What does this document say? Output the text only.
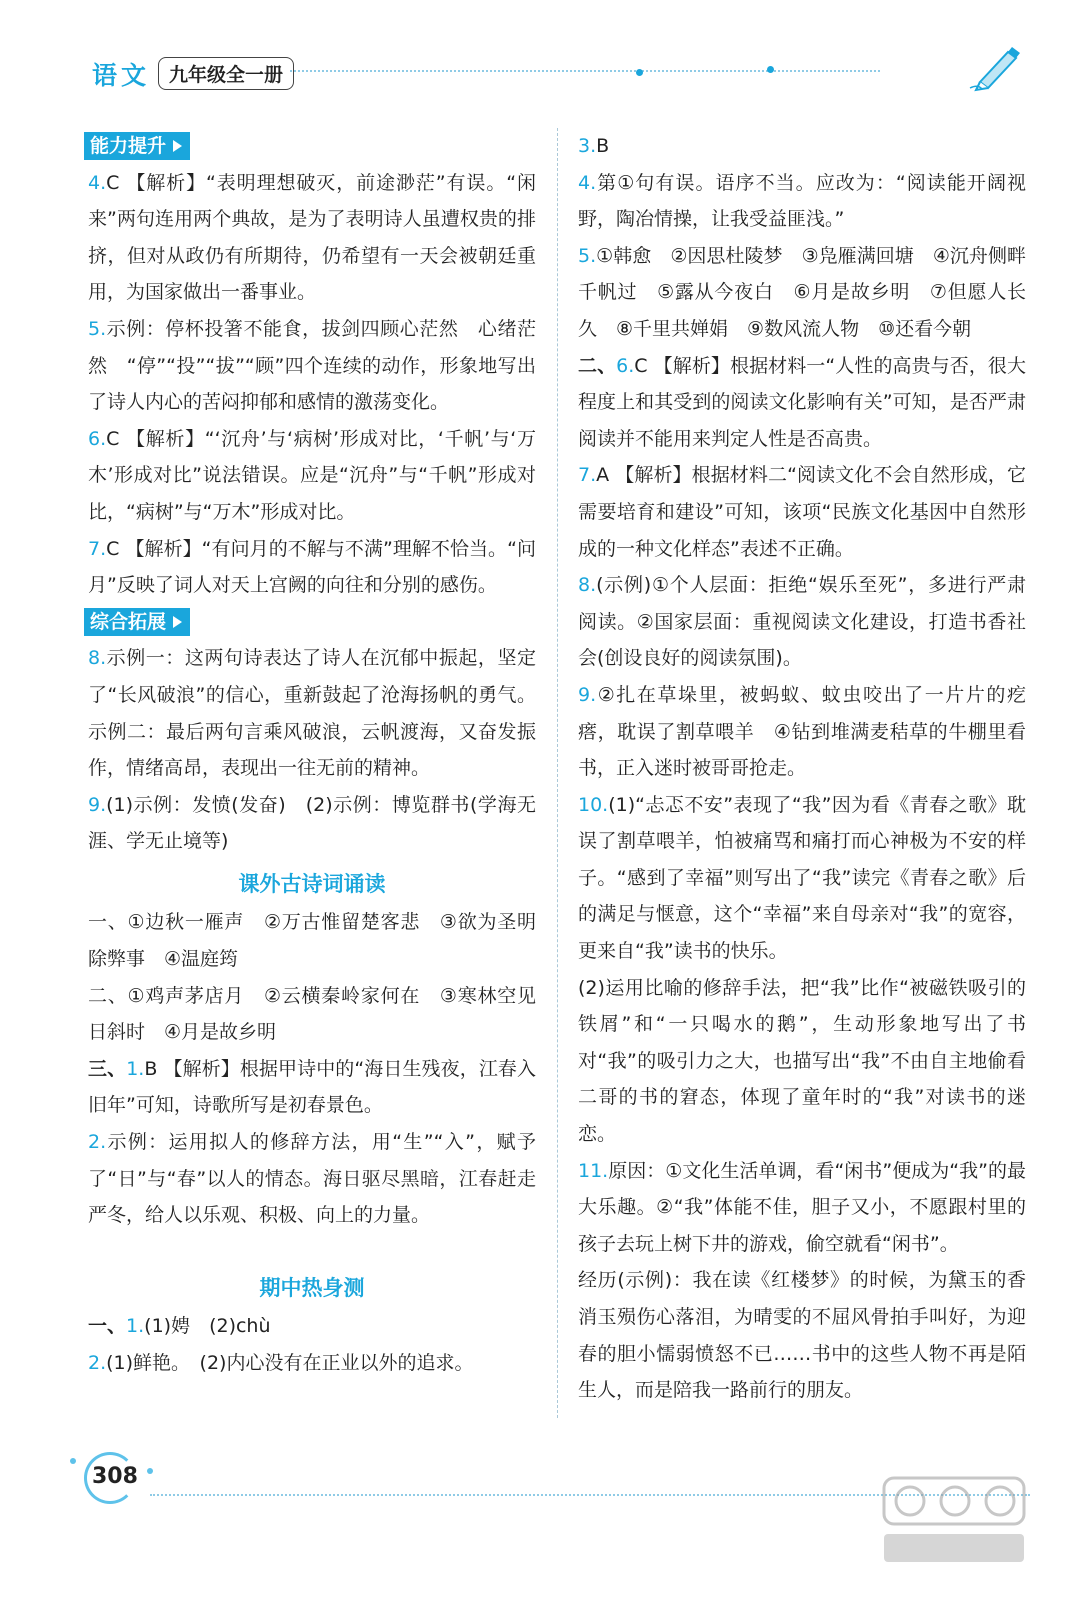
语文 九年级全一册
能力提升

4.C 【解析】“表明理想破灭，前途渺茫”有误。“闲来”两句连用两个典故，是为了表明诗人虽遭权贵的排挤，但对从政仍有所期待，仍希望有一天会被朝廷重用，为国家做出一番事业。

5.示例：停杯投箸不能食，拔剑四顾心茫然　心绪茫然　“停”“投”“拔”“顾”四个连续的动作，形象地写出了诗人内心的苦闷抑郁和感情的激荡变化。

6.C 【解析】“‘沉舟’与‘病树’形成对比，‘千帆’与‘万木’形成对比”说法错误。应是“沉舟”与“千帆”形成对比，“病树”与“万木”形成对比。

7.C 【解析】“有问月的不解与不满”理解不恰当。“问月”反映了词人对天上宫阙的向往和分别的感伤。

综合拓展

8.示例一：这两句诗表达了诗人在沉郁中振起，坚定了“长风破浪”的信心，重新鼓起了沧海扬帆的勇气。示例二：最后两句言乘风破浪，云帆渡海，又奋发振作，情绪高昂，表现出一往无前的精神。

9.(1)示例：发愤(发奋)　(2)示例：博览群书(学海无涯、学无止境等)

课外古诗词诵读

一、①边秋一雁声　②万古惟留楚客悲　③欲为圣明除弊事　④温庭筠

二、①鸡声茅店月　②云横秦岭家何在　③寒林空见日斜时　④月是故乡明

三、1.B 【解析】根据甲诗中的“海日生残夜，江春入旧年”可知，诗歌所写是初春景色。

2.示例：运用拟人的修辞方法，用“生”“入”，赋予了“日”与“春”以人的情态。海日驱尽黑暗，江春赶走严冬，给人以乐观、积极、向上的力量。

期中热身测

一、1.(1)娉　(2)chù

2.(1)鲜艳。　(2)内心没有在正业以外的追求。

3.B

4.第①句有误。语序不当。应改为：“阅读能开阔视野，陶冶情操，让我受益匪浅。”

5.①韩愈　②因思杜陵梦　③凫雁满回塘　④沉舟侧畔千帆过　⑤露从今夜白　⑥月是故乡明　⑦但愿人长久　⑧千里共婵娟　⑨数风流人物　⑩还看今朝

二、6.C 【解析】根据材料一“人性的高贵与否，很大程度上和其受到的阅读文化影响有关”可知，是否严肃阅读并不能用来判定人性是否高贵。

7.A 【解析】根据材料二“阅读文化不会自然形成，它需要培育和建设”可知，该项“民族文化基因中自然形成的一种文化样态”表述不正确。

8.(示例)①个人层面：拒绝“娱乐至死”，多进行严肃阅读。②国家层面：重视阅读文化建设，打造书香社会(创设良好的阅读氛围)。

9.②扎在草垛里，被蚂蚁、蚊虫咬出了一片片的疙瘩，耽误了割草喂羊　④钻到堆满麦秸草的牛棚里看书，正入迷时被哥哥抢走。

10.(1)“忐忑不安”表现了“我”因为看《青春之歌》耽误了割草喂羊，怕被痛骂和痛打而心神极为不安的样子。“感到了幸福”则写出了“我”读完《青春之歌》后的满足与惬意，这个“幸福”来自母亲对“我”的宽容，更来自“我”读书的快乐。

(2)运用比喻的修辞手法，把“我”比作“被磁铁吸引的铁屑”和“一只喝水的鹅”，生动形象地写出了书对“我”的吸引力之大，也描写出“我”不由自主地偷看二哥的书的窘态，体现了童年时的“我”对读书的迷恋。

11.原因：①文化生活单调，看“闲书”便成为“我”的最大乐趣。②“我”体能不佳，胆子又小，不愿跟村里的孩子去玩上树下井的游戏，偷空就看“闲书”。

经历(示例)：我在读《红楼梦》的时候，为黛玉的香消玉殒伤心落泪，为晴雯的不屈风骨拍手叫好，为迎春的胆小懦弱愤怒不已……书中的这些人物不再是陌生人，而是陪我一路前行的朋友。

308
